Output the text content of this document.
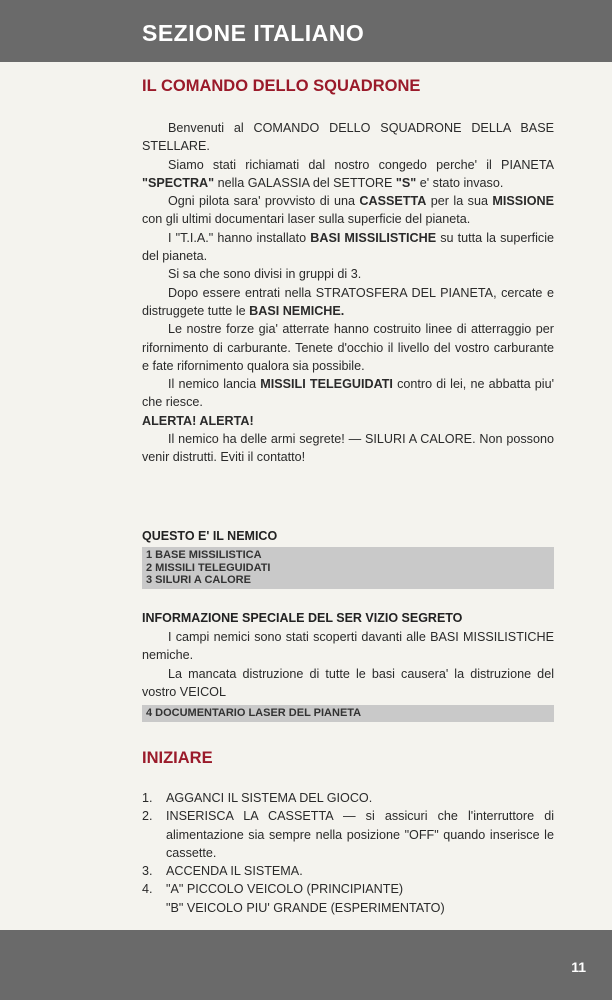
SEZIONE ITALIANO
IL COMANDO DELLO SQUADRONE

Benvenuti al COMANDO DELLO SQUADRONE DELLA BASE STELLARE.

Siamo stati richiamati dal nostro congedo perche' il PIANETA "SPECTRA" nella GALASSIA del SETTORE "S" e' stato invaso.

Ogni pilota sara' provvisto di una CASSETTA per la sua MISSIONE con gli ultimi documentari laser sulla superficie del pianeta.

I "T.I.A." hanno installato BASI MISSILISTICHE su tutta la superficie del pianeta.

Si sa che sono divisi in gruppi di 3.

Dopo essere entrati nella STRATOSFERA DEL PIANETA, cercate e distruggete tutte le BASI NEMICHE.

Le nostre forze gia' atterrate hanno costruito linee di atterraggio per rifornimento di carburante. Tenete d'occhio il livello del vostro carburante e fate rifornimento qualora sia possibile.

Il nemico lancia MISSILI TELEGUIDATI contro di lei, ne abbatta piu' che riesce.

ALERTA! ALERTA!

Il nemico ha delle armi segrete! — SILURI A CALORE. Non possono venir distrutti. Eviti il contatto!

QUESTO E' IL NEMICO
1 BASE MISSILISTICA
2 MISSILI TELEGUIDATI
3 SILURI A CALORE
INFORMAZIONE SPECIALE DEL SER VIZIO SEGRETO

I campi nemici sono stati scoperti davanti alle BASI MISSILISTICHE nemiche.

La mancata distruzione di tutte le basi causera' la distruzione del vostro VEICOL

4 DOCUMENTARIO LASER DEL PIANETA
INIZIARE
1.	AGGANCI IL SISTEMA DEL GIOCO.
2.	INSERISCA LA CASSETTA — si assicuri che l'interruttore di alimentazione sia sempre nella posizione "OFF" quando inserisce le cassette.
3.	ACCENDA IL SISTEMA.
4.	"A" PICCOLO VEICOLO (PRINCIPIANTE)
"B" VEICOLO PIU' GRANDE (ESPERIMENTATO)
11
